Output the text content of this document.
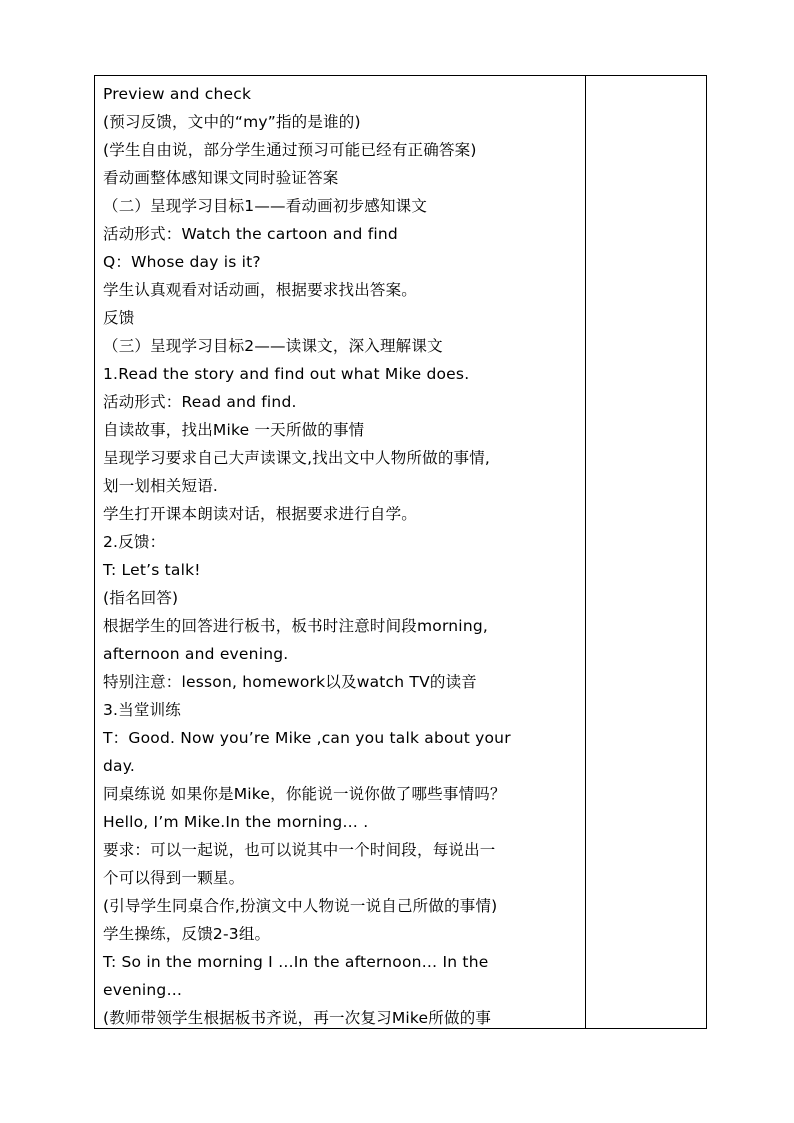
Preview and check
(预习反馈，文中的“my”指的是谁的)
(学生自由说，部分学生通过预习可能已经有正确答案)
看动画整体感知课文同时验证答案
（二）呈现学习目标1——看动画初步感知课文
活动形式：Watch the cartoon and find
Q：Whose day is it?
学生认真观看对话动画，根据要求找出答案。
反馈
（三）呈现学习目标2——读课文，深入理解课文
1.Read the story and find out what Mike does.
活动形式：Read and find.
自读故事，找出Mike 一天所做的事情
呈现学习要求自己大声读课文,找出文中人物所做的事情,
划一划相关短语.
学生打开课本朗读对话，根据要求进行自学。
2.反馈：
T: Let’s talk!
(指名回答)
根据学生的回答进行板书，板书时注意时间段morning,
afternoon and evening.
特别注意：lesson, homework以及watch TV的读音
3.当堂训练
T：Good. Now you’re Mike ,can you talk about your
day.
同桌练说 如果你是Mike，你能说一说你做了哪些事情吗？
Hello, I’m Mike.In the morning… .
要求：可以一起说，也可以说其中一个时间段，每说出一
个可以得到一颗星。
(引导学生同桌合作,扮演文中人物说一说自己所做的事情)
学生操练，反馈2-3组。
T: So in the morning I …In the afternoon… In the
evening…
(教师带领学生根据板书齐说，再一次复习Mike所做的事
